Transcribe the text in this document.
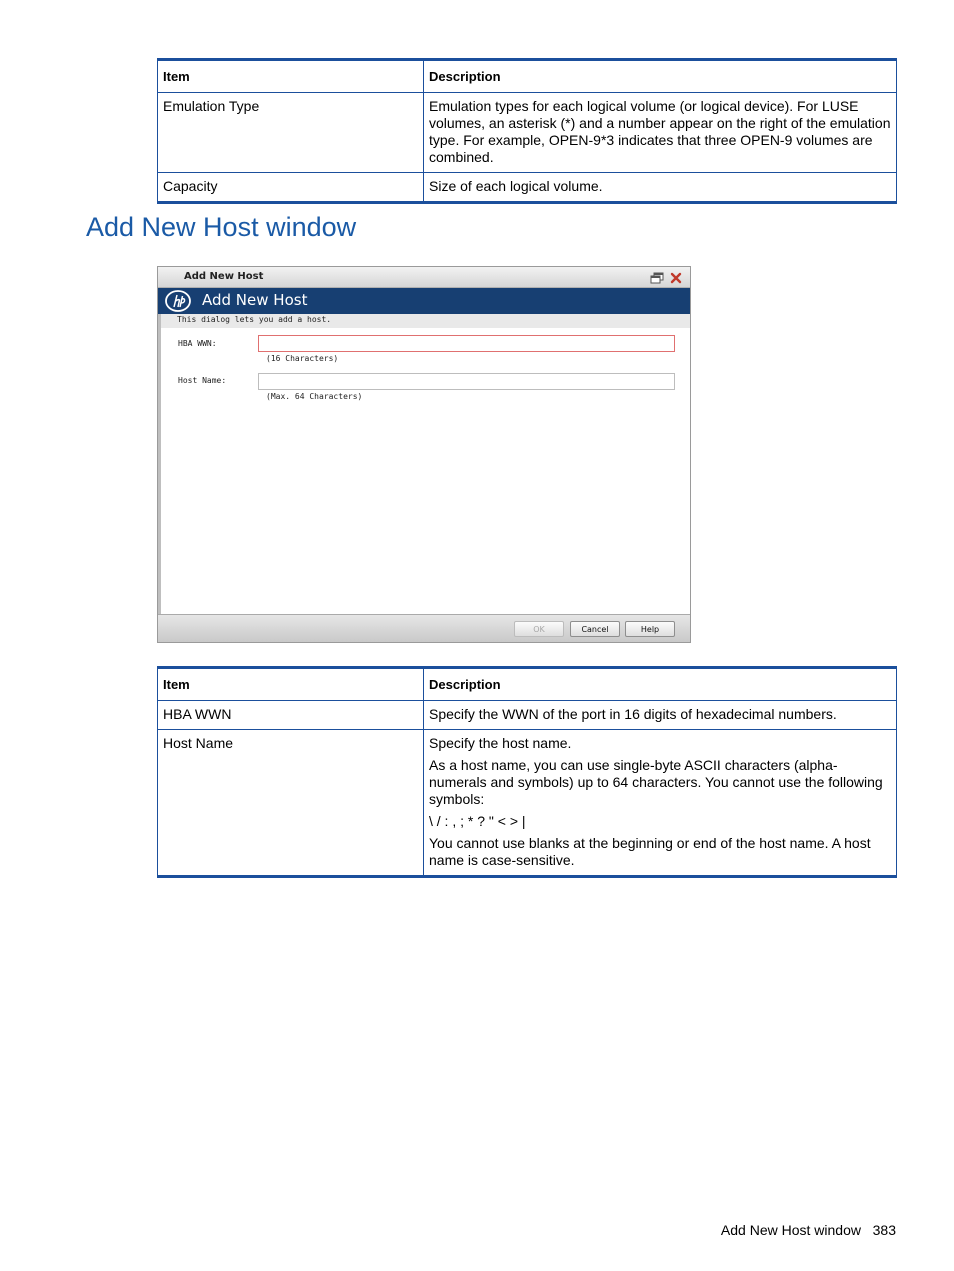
Item	Description
Emulation Type	Emulation types for each logical volume (or logical device). For LUSE volumes, an asterisk (*) and a number appear on the right of the emulation type. For example, OPEN-9*3 indicates that three OPEN-9 volumes are combined.
Capacity	Size of each logical volume.
Add New Host window
Add New Host
Add New Host
This dialog lets you add a host.
HBA WWN:
(16 Characters)
Host Name:
(Max. 64 Characters)
OK	Cancel	Help
Item	Description
HBA WWN	Specify the WWN of the port in 16 digits of hexadecimal numbers.
Host Name	Specify the host name.

As a host name, you can use single-byte ASCII characters (alpha-numerals and symbols) up to 64 characters. You cannot use the following symbols:

\ / : , ; * ? " < > |

You cannot use blanks at the beginning or end of the host name. A host name is case-sensitive.

Add New Host window 383
